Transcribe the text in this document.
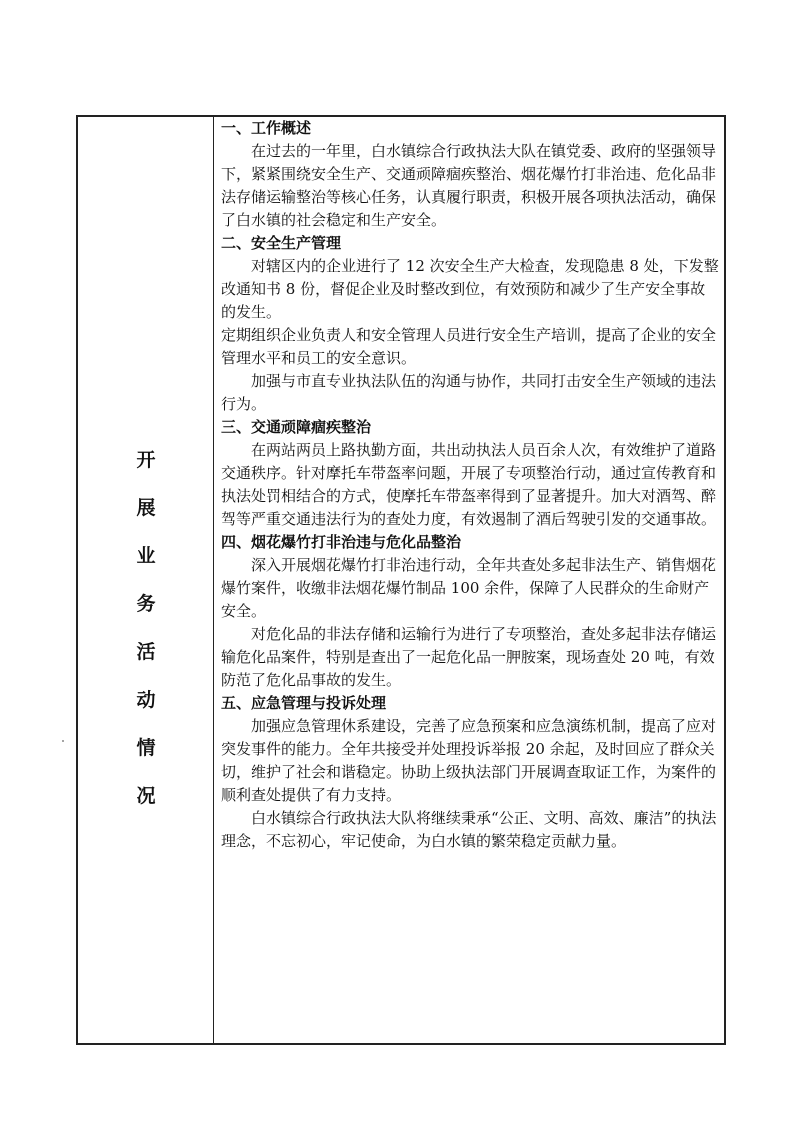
开
展
业
务
活
动
情
况

一、工作概述

在过去的一年里，白水镇综合行政执法大队在镇党委、政府的坚强领导下，紧紧围绕安全生产、交通顽障痼疾整治、烟花爆竹打非治违、危化品非法存储运输整治等核心任务，认真履行职责，积极开展各项执法活动，确保了白水镇的社会稳定和生产安全。

二、安全生产管理

对辖区内的企业进行了 12 次安全生产大检查，发现隐患 8 处，下发整改通知书 8 份，督促企业及时整改到位，有效预防和减少了生产安全事故的发生。

定期组织企业负责人和安全管理人员进行安全生产培训，提高了企业的安全管理水平和员工的安全意识。

加强与市直专业执法队伍的沟通与协作，共同打击安全生产领域的违法行为。

三、交通顽障痼疾整治

在两站两员上路执勤方面，共出动执法人员百余人次，有效维护了道路交通秩序。针对摩托车带盔率问题，开展了专项整治行动，通过宣传教育和执法处罚相结合的方式，使摩托车带盔率得到了显著提升。加大对酒驾、醉驾等严重交通违法行为的查处力度，有效遏制了酒后驾驶引发的交通事故。

四、烟花爆竹打非治违与危化品整治

深入开展烟花爆竹打非治违行动，全年共查处多起非法生产、销售烟花爆竹案件，收缴非法烟花爆竹制品 100 余件，保障了人民群众的生命财产安全。

对危化品的非法存储和运输行为进行了专项整治，查处多起非法存储运输危化品案件，特别是查出了一起危化品一胛胺案，现场查处 20 吨，有效防范了危化品事故的发生。

五、应急管理与投诉处理

加强应急管理休系建设，完善了应急预案和应急演练机制，提高了应对突发事件的能力。全年共接受并处理投诉举报 20 余起，及时回应了群众关切，维护了社会和谐稳定。协助上级执法部门开展调查取证工作，为案件的顺利查处提供了有力支持。

白水镇综合行政执法大队将继续秉承“公正、文明、高效、廉洁”的执法理念，不忘初心，牢记使命，为白水镇的繁荣稳定贡献力量。
